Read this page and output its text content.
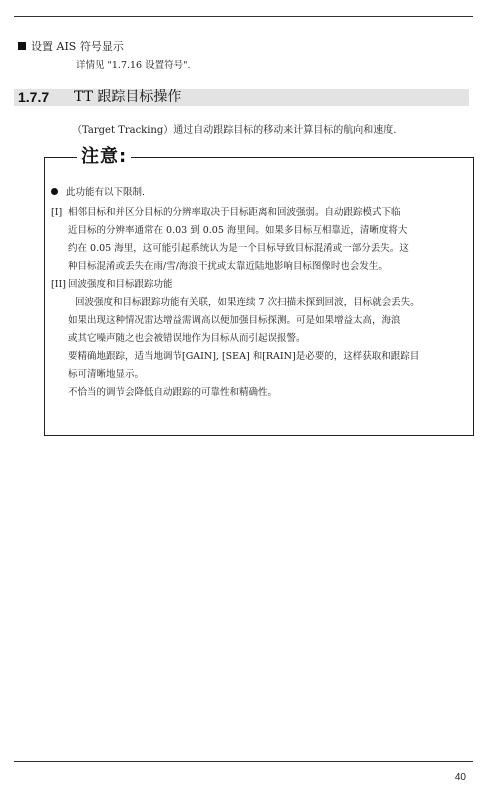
设置 AIS 符号显示
详情见 "1.7.16 设置符号".
1.7.7 TT 跟踪目标操作
（Target Tracking）通过自动跟踪目标的移动来计算目标的航向和速度.
注意:
此功能有以下限制.
[I] 相邻目标和并区分目标的分辨率取决于目标距离和回波强弱。自动跟踪模式下临
近目标的分辨率通常在 0.03 到 0.05 海里间。如果多目标互相靠近，清晰度将大
约在 0.05 海里，这可能引起系统认为是一个目标导致目标混淆或一部分丢失。这
种目标混淆或丢失在雨/雪/海浪干扰或太靠近陆地影响目标图像时也会发生。
[II] 回波强度和目标跟踪功能
回波强度和目标跟踪功能有关联，如果连续 7 次扫描未探到回波，目标就会丢失。
如果出现这种情况雷达增益需调高以便加强目标探测。可是如果增益太高，海浪
或其它噪声随之也会被错误地作为目标从而引起误报警。
要精确地跟踪，适当地调节[GAIN], [SEA] 和[RAIN]是必要的，这样获取和跟踪目
标可清晰地显示。
不恰当的调节会降低自动跟踪的可靠性和精确性。
40
